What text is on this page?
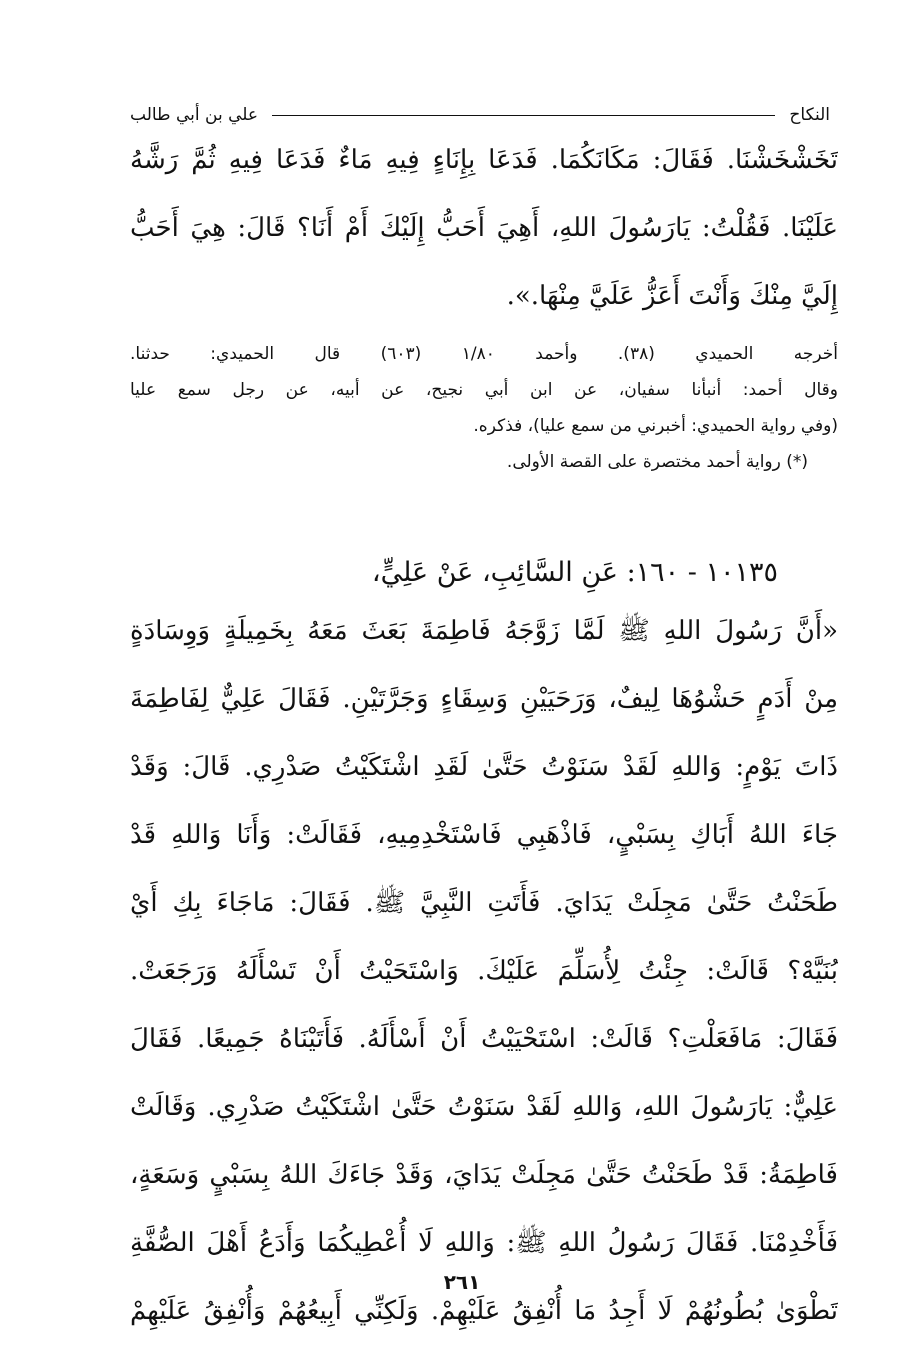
النكاح
علي بن أبي طالب
تَخَشْخَشْنَا. فَقَالَ: مَكَانَكُمَا. فَدَعَا بِإِنَاءٍ فِيهِ مَاءٌ فَدَعَا فِيهِ ثُمَّ رَشَّهُ
عَلَيْنَا. فَقُلْتُ: يَارَسُولَ اللهِ، أَهِيَ أَحَبُّ إِلَيْكَ أَمْ أَنَا؟ قَالَ: هِيَ أَحَبُّ
إِلَيَّ مِنْكَ وَأَنْتَ أَعَزُّ عَلَيَّ مِنْهَا.».
أخرجه الحميدي (٣٨). وأحمد ١/٨٠ (٦٠٣) قال الحميدي: حدثنا.
وقال أحمد: أنبأنا سفيان، عن ابن أبي نجيح، عن أبيه، عن رجل سمع عليا
(وفي رواية الحميدي: أخبرني من سمع عليا)، فذكره.
(*) رواية أحمد مختصرة على القصة الأولى.
١٠١٣٥ - ١٦٠: عَنِ السَّائِبِ، عَنْ عَلِيٍّ،
«أَنَّ رَسُولَ اللهِ ﷺ لَمَّا زَوَّجَهُ فَاطِمَةَ بَعَثَ مَعَهُ بِخَمِيلَةٍ وَوِسَادَةٍ
مِنْ أَدَمٍ حَشْوُهَا لِيفٌ، وَرَحَيَيْنِ وَسِقَاءٍ وَجَرَّتَيْنِ. فَقَالَ عَلِيٌّ لِفَاطِمَةَ
ذَاتَ يَوْمٍ: وَاللهِ لَقَدْ سَنَوْتُ حَتَّىٰ لَقَدِ اشْتَكَيْتُ صَدْرِي. قَالَ: وَقَدْ
جَاءَ اللهُ أَبَاكِ بِسَبْيٍ، فَاذْهَبِي فَاسْتَخْدِمِيهِ، فَقَالَتْ: وَأَنَا وَاللهِ قَدْ
طَحَنْتُ حَتَّىٰ مَجِلَتْ يَدَايَ. فَأَتَتِ النَّبِيَّ ﷺ. فَقَالَ: مَاجَاءَ بِكِ أَيْ
بُنَيَّهْ؟ قَالَتْ: جِئْتُ لِأُسَلِّمَ عَلَيْكَ. وَاسْتَحَيْتُ أَنْ تَسْأَلَهُ وَرَجَعَتْ.
فَقَالَ: مَافَعَلْتِ؟ قَالَتْ: اسْتَحْيَيْتُ أَنْ أَسْأَلَهُ. فَأَتَيْنَاهُ جَمِيعًا. فَقَالَ
عَلِيٌّ: يَارَسُولَ اللهِ، وَاللهِ لَقَدْ سَنَوْتُ حَتَّىٰ اشْتَكَيْتُ صَدْرِي. وَقَالَتْ
فَاطِمَةُ: قَدْ طَحَنْتُ حَتَّىٰ مَجِلَتْ يَدَايَ، وَقَدْ جَاءَكَ اللهُ بِسَبْيٍ وَسَعَةٍ،
فَأَخْدِمْنَا. فَقَالَ رَسُولُ اللهِ ﷺ: وَاللهِ لَا أُعْطِيكُمَا وَأَدَعُ أَهْلَ الصُّفَّةِ
تَطْوَىٰ بُطُونُهُمْ لَا أَجِدُ مَا أُنْفِقُ عَلَيْهِمْ. وَلَكِنِّي أَبِيعُهُمْ وَأُنْفِقُ عَلَيْهِمْ
٢٦١
